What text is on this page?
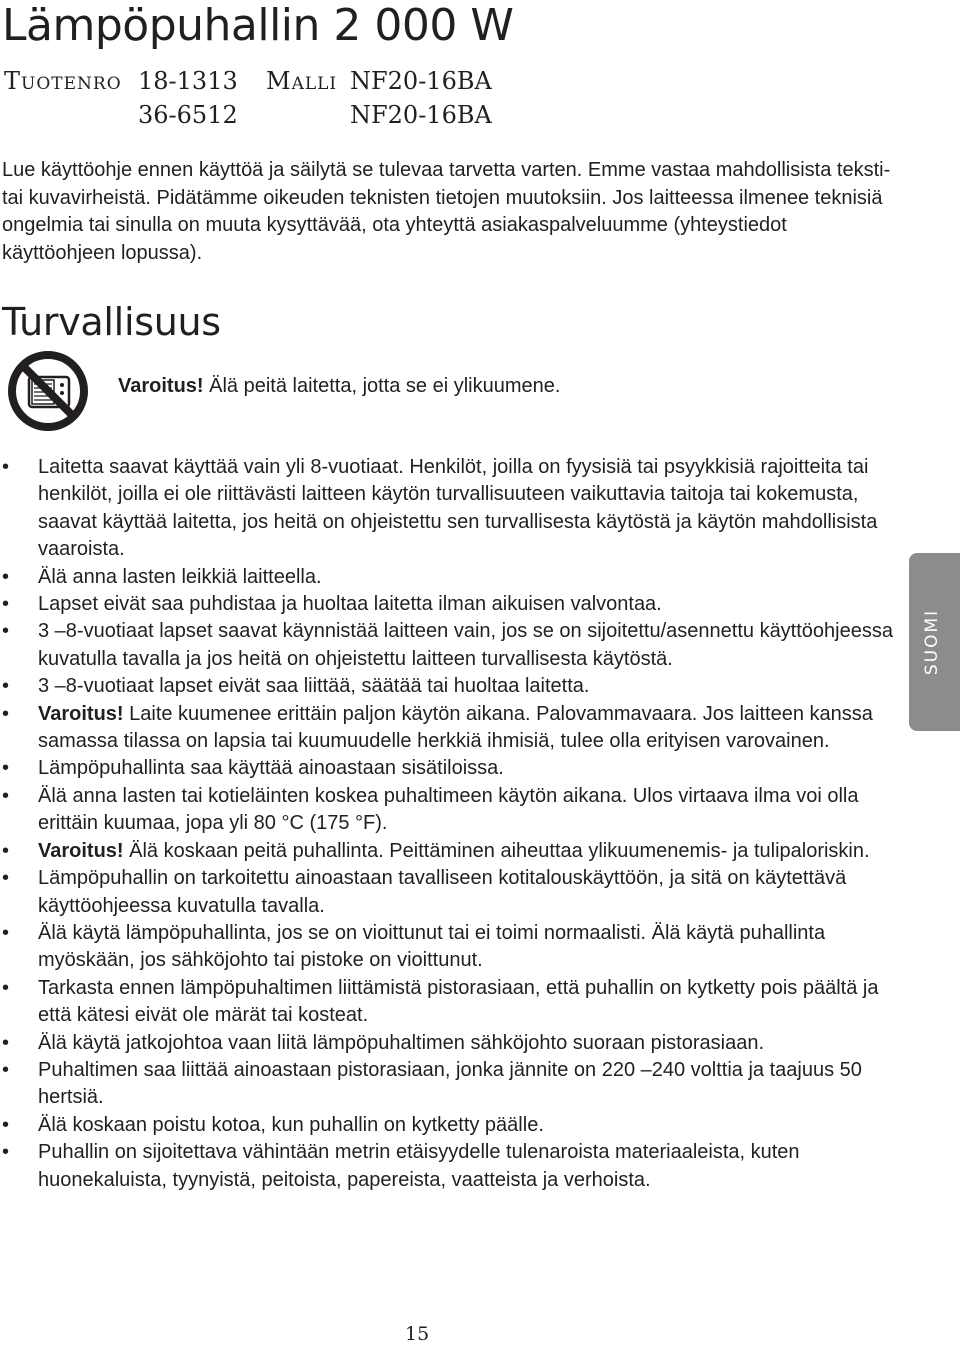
Lämpöpuhallin 2 000 W
Tuotenro 18-1313	Malli NF20-16BA
36-6512	NF20-16BA

Lue käyttöohje ennen käyttöä ja säilytä se tulevaa tarvetta varten. Emme vastaa mahdollisista teksti- tai kuvavirheistä. Pidätämme oikeuden teknisten tietojen muutoksiin. Jos laitteessa ilmenee teknisiä ongelmia tai sinulla on muuta kysyttävää, ota yhteyttä asiakaspalveluumme (yhteystiedot käyttöohjeen lopussa).

Turvallisuus
Varoitus! Älä peitä laitetta, jotta se ei ylikuumene.
• Laitetta saavat käyttää vain yli 8-vuotiaat. Henkilöt, joilla on fyysisiä tai psyykkisiä rajoitteita tai henkilöt, joilla ei ole riittävästi laitteen käytön turvallisuuteen vaikuttavia taitoja tai kokemusta, saavat käyttää laitetta, jos heitä on ohjeistettu sen turvallisesta käytöstä ja käytön mahdollisista vaaroista.
• Älä anna lasten leikkiä laitteella.
• Lapset eivät saa puhdistaa ja huoltaa laitetta ilman aikuisen valvontaa.
• 3 –8-vuotiaat lapset saavat käynnistää laitteen vain, jos se on sijoitettu/asennettu käyttöohjeessa kuvatulla tavalla ja jos heitä on ohjeistettu laitteen turvallisesta käytöstä.
• 3 –8-vuotiaat lapset eivät saa liittää, säätää tai huoltaa laitetta.
• Varoitus! Laite kuumenee erittäin paljon käytön aikana. Palovammavaara. Jos laitteen kanssa samassa tilassa on lapsia tai kuumuudelle herkkiä ihmisiä, tulee olla erityisen varovainen.
• Lämpöpuhallinta saa käyttää ainoastaan sisätiloissa.
• Älä anna lasten tai kotieläinten koskea puhaltimeen käytön aikana. Ulos virtaava ilma voi olla erittäin kuumaa, jopa yli 80 °C (175 °F).
• Varoitus! Älä koskaan peitä puhallinta. Peittäminen aiheuttaa ylikuumenemis- ja tulipaloriskin.
• Lämpöpuhallin on tarkoitettu ainoastaan tavalliseen kotitalouskäyttöön, ja sitä on käytettävä käyttöohjeessa kuvatulla tavalla.
• Älä käytä lämpöpuhallinta, jos se on vioittunut tai ei toimi normaalisti. Älä käytä puhallinta myöskään, jos sähköjohto tai pistoke on vioittunut.
• Tarkasta ennen lämpöpuhaltimen liittämistä pistorasiaan, että puhallin on kytketty pois päältä ja että kätesi eivät ole märät tai kosteat.
• Älä käytä jatkojohtoa vaan liitä lämpöpuhaltimen sähköjohto suoraan pistorasiaan.
• Puhaltimen saa liittää ainoastaan pistorasiaan, jonka jännite on 220 –240 volttia ja taajuus 50 hertsiä.
• Älä koskaan poistu kotoa, kun puhallin on kytketty päälle.
• Puhallin on sijoitettava vähintään metrin etäisyydelle tulenaroista materiaaleista, kuten huonekaluista, tyynyistä, peitoista, papereista, vaatteista ja verhoista.
SUOMI
15
